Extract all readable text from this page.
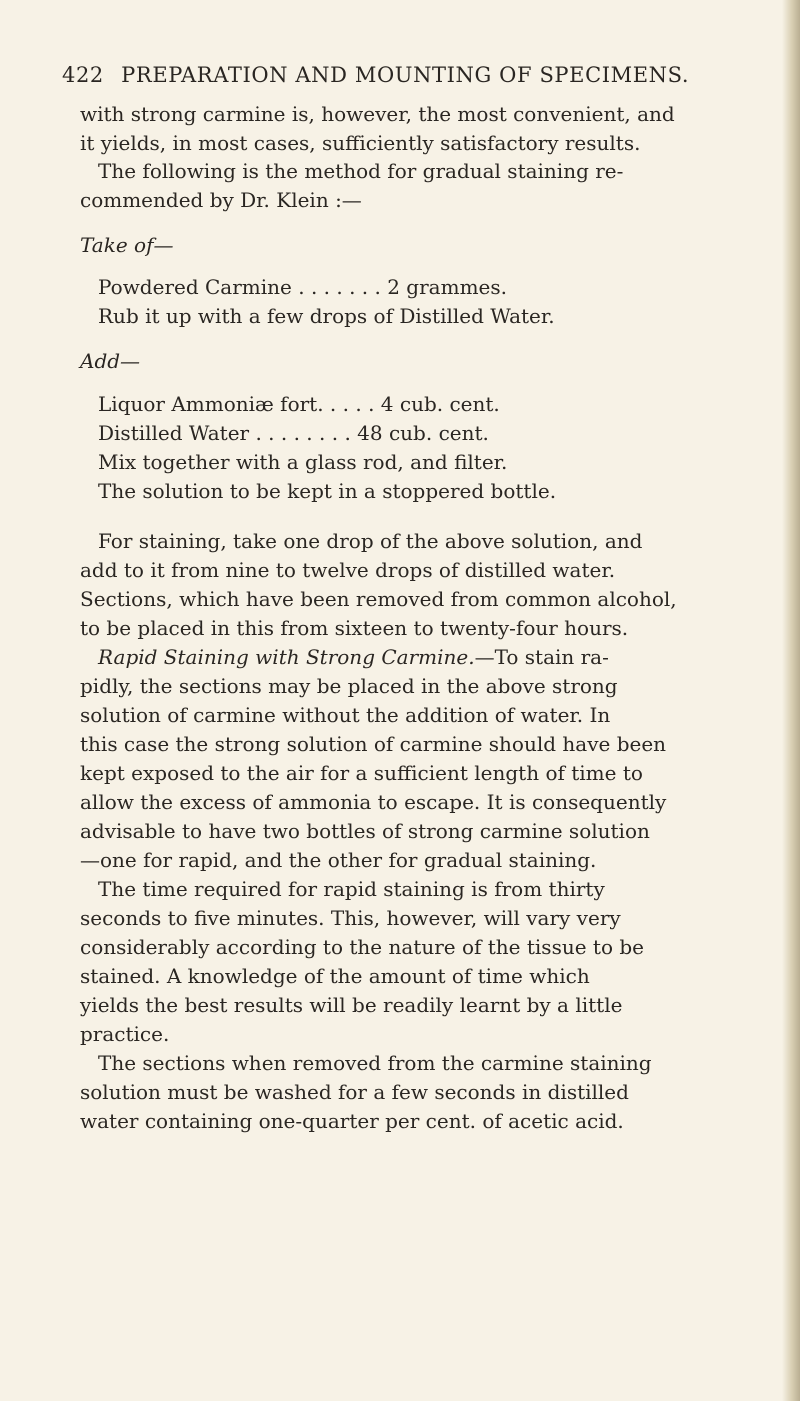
422 PREPARATION AND MOUNTING OF SPECIMENS.
with strong carmine is, however, the most convenient, and
it yields, in most cases, sufficiently satisfactory results.
The following is the method for gradual staining re-
commended by Dr. Klein :—
Take of—
Powdered Carmine . . . . . . . 2 grammes.
Rub it up with a few drops of Distilled Water.
Add—
Liquor Ammoniæ fort. . . . . 4 cub. cent.
Distilled Water . . . . . . . . 48 cub. cent.
Mix together with a glass rod, and filter.
The solution to be kept in a stoppered bottle.
For staining, take one drop of the above solution, and
add to it from nine to twelve drops of distilled water.
Sections, which have been removed from common alcohol,
to be placed in this from sixteen to twenty-four hours.
Rapid Staining with Strong Carmine.—To stain ra-
pidly, the sections may be placed in the above strong
solution of carmine without the addition of water. In
this case the strong solution of carmine should have been
kept exposed to the air for a sufficient length of time to
allow the excess of ammonia to escape. It is consequently
advisable to have two bottles of strong carmine solution
—one for rapid, and the other for gradual staining.
The time required for rapid staining is from thirty
seconds to five minutes. This, however, will vary very
considerably according to the nature of the tissue to be
stained. A knowledge of the amount of time which
yields the best results will be readily learnt by a little
practice.
The sections when removed from the carmine staining
solution must be washed for a few seconds in distilled
water containing one-quarter per cent. of acetic acid.
